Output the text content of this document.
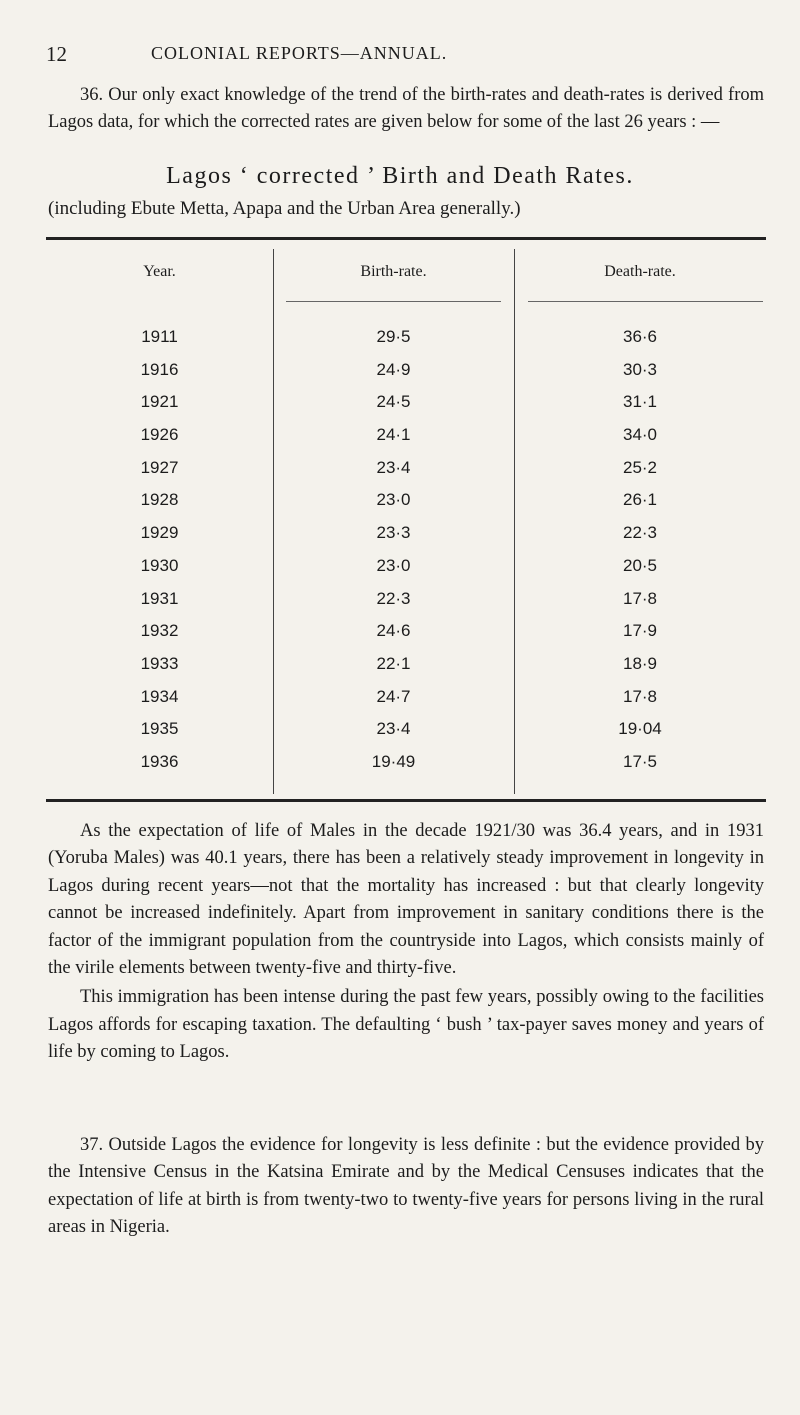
12	COLONIAL REPORTS—ANNUAL.

36. Our only exact knowledge of the trend of the birth-rates and death-rates is derived from Lagos data, for which the corrected rates are given below for some of the last 26 years : —

Lagos ‘ corrected ’ Birth and Death Rates.
(including Ebute Metta, Apapa and the Urban Area generally.)
Year.	Birth-rate.	Death-rate.
1911	29·5	36·6
1916	24·9	30·3
1921	24·5	31·1
1926	24·1	34·0
1927	23·4	25·2
1928	23·0	26·1
1929	23·3	22·3
1930	23·0	20·5
1931	22·3	17·8
1932	24·6	17·9
1933	22·1	18·9
1934	24·7	17·8
1935	23·4	19·04
1936	19·49	17·5

As the expectation of life of Males in the decade 1921/30 was 36.4 years, and in 1931 (Yoruba Males) was 40.1 years, there has been a relatively steady improvement in longevity in Lagos during recent years—not that the mortality has increased : but that clearly longevity cannot be increased indefinitely. Apart from improvement in sanitary conditions there is the factor of the immigrant population from the countryside into Lagos, which consists mainly of the virile elements between twenty-five and thirty-five.

This immigration has been intense during the past few years, possibly owing to the facilities Lagos affords for escaping taxation. The defaulting ‘ bush ’ tax-payer saves money and years of life by coming to Lagos.

37. Outside Lagos the evidence for longevity is less definite : but the evidence provided by the Intensive Census in the Katsina Emirate and by the Medical Censuses indicates that the expectation of life at birth is from twenty-two to twenty-five years for persons living in the rural areas in Nigeria.
